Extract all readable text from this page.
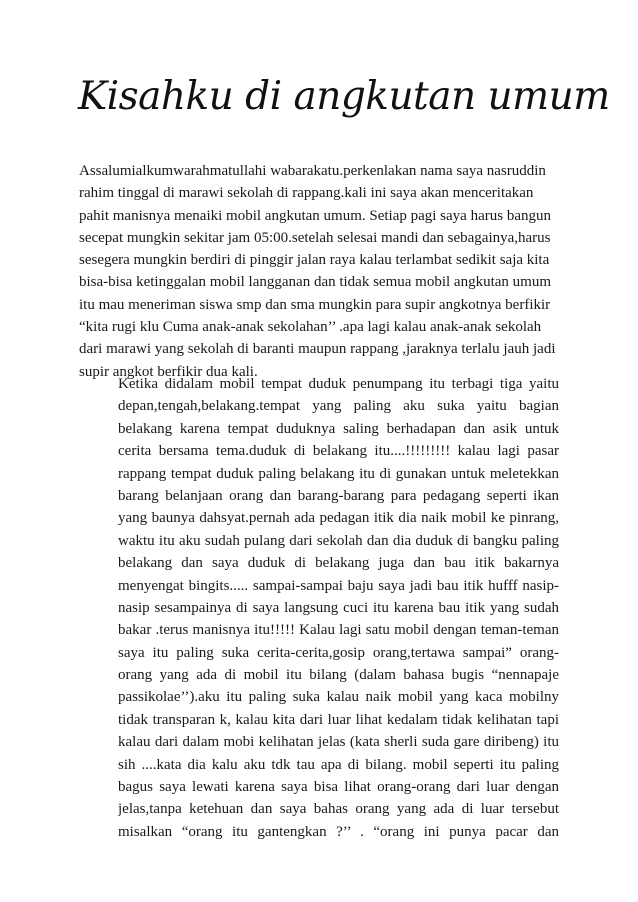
Kisahku di angkutan umum
Assalumialkumwarahmatullahi wabarakatu.perkenlakan nama saya nasruddin
rahim tinggal di marawi sekolah di rappang.kali ini saya akan menceritakan
pahit manisnya menaiki mobil angkutan umum. Setiap pagi saya harus bangun
secepat mungkin sekitar jam 05:00.setelah selesai mandi dan sebagainya,harus
sesegera mungkin berdiri di pinggir jalan raya kalau terlambat sedikit saja kita
bisa-bisa ketinggalan mobil langganan dan tidak semua mobil angkutan umum
itu mau meneriman siswa smp dan sma mungkin para supir angkotnya berfikir
“kita rugi klu Cuma anak-anak sekolahan’’ .apa lagi kalau anak-anak sekolah
dari marawi yang sekolah di baranti maupun rappang ,jaraknya terlalu jauh jadi
supir angkot berfikir dua kali.
Ketika didalam mobil tempat duduk penumpang itu terbagi tiga yaitu
depan,tengah,belakang.tempat yang paling aku suka yaitu bagian
belakang karena tempat duduknya saling berhadapan dan asik untuk
cerita bersama tema.duduk di belakang itu....!!!!!!!!! kalau lagi pasar
rappang tempat duduk paling belakang itu di gunakan untuk meletekkan
barang belanjaan orang dan barang-barang para pedagang seperti ikan
yang baunya dahsyat.pernah ada pedagan itik dia naik mobil ke pinrang,
waktu itu aku sudah pulang dari sekolah dan dia duduk di bangku paling
belakang dan saya duduk di belakang juga dan bau itik bakarnya
menyengat bingits..... sampai-sampai baju saya jadi bau itik hufff nasip-
nasip sesampainya di saya langsung cuci itu karena bau itik yang sudah
bakar .terus manisnya itu!!!!! Kalau lagi satu mobil dengan teman-teman
saya itu paling suka cerita-cerita,gosip orang,tertawa sampai” orang-
orang yang ada di mobil itu bilang (dalam bahasa bugis “nennapaje
passikolae’’).aku itu paling suka kalau naik mobil yang kaca mobilny
tidak transparan k, kalau kita dari luar lihat kedalam tidak kelihatan tapi
kalau dari dalam mobi kelihatan jelas (kata sherli suda gare diribeng) itu
sih ....kata dia kalu aku tdk tau apa di bilang. mobil seperti itu paling
bagus saya lewati karena saya bisa lihat orang-orang dari luar dengan
jelas,tanpa ketehuan dan saya bahas orang yang ada di luar tersebut
misalkan “orang itu gantengkan ?’’ . “orang ini punya pacar dan
